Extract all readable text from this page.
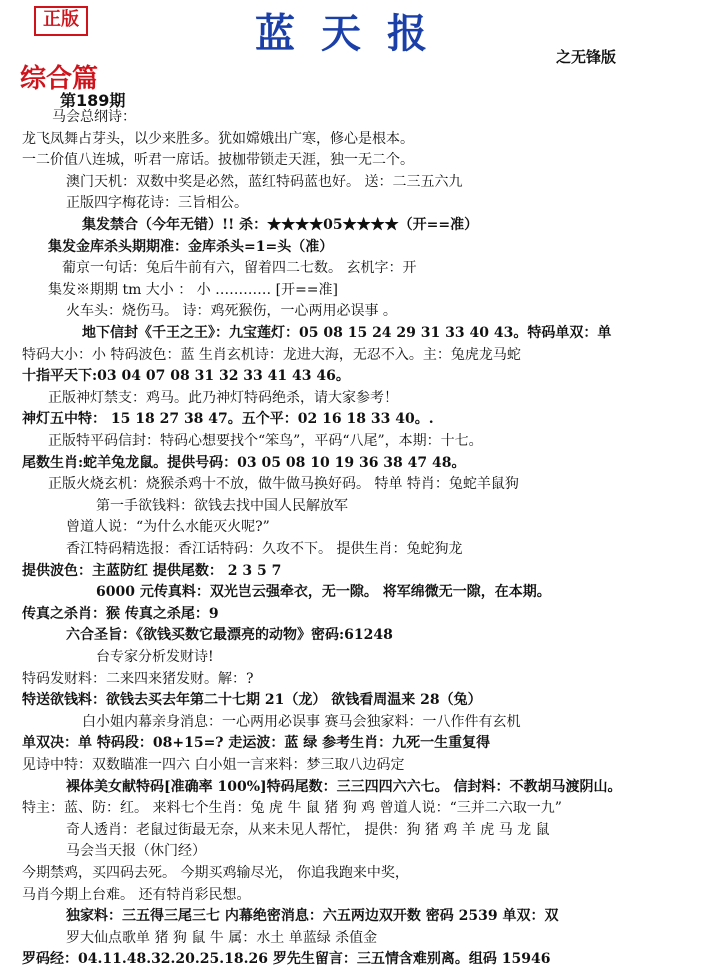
正版	蓝天报	之无锋版
综合篇
第189期
马会总纲诗：
龙飞凤舞占芽头，以少来胜多。犹如嫦娥出广寒，修心是根本。
一二价值八连城，听君一席话。披枷带锁走天涯，独一无二个。
澳门天机：双数中奖是必然，蓝红特码蓝也好。 送：二三五六九
正版四字梅花诗：三旨相公。
集发禁合（今年无错）!! 杀：★★★★05★★★★（开==准）
集发金库杀头期期准：金库杀头=1=头（准）
葡京一句话：兔后牛前有六，留着四二七数。 玄机字：开
集发※期期 tm 大小 ： 小 ………… [开==准]
火车头：烧伤马。 诗：鸡死猴伤，一心两用必误事 。
地下信封《千王之王》：九宝莲灯：05 08 15 24 29 31 33 40 43。特码单双：单
特码大小：小 特码波色：蓝 生肖玄机诗：龙进大海，无忍不入。主：兔虎龙马蛇
十指平天下:03 04 07 08 31 32 33 41 43 46。
正版神灯禁支：鸡马。此乃神灯特码绝杀，请大家参考！
神灯五中特： 15 18 27 38 47。五个平：02 16 18 33 40。.
正版特平码信封：特码心想要找个“笨鸟”，平码“八尾”，本期：十七。
尾数生肖:蛇羊兔龙鼠。提供号码：03 05 08 10 19 36 38 47 48。
正版火烧玄机：烧猴杀鸡十不放，做牛做马换好码。 特单 特肖：兔蛇羊鼠狗
第一手欲钱料：欲钱去找中国人民解放军
曾道人说：“为什么水能灭火呢?”
香江特码精选报：香江话特码：久攻不下。 提供生肖：兔蛇狗龙
提供波色：主蓝防红 提供尾数： 2 3 5 7
6000 元传真料：双光岂云强牵衣，无一隙。 将军绵微无一隙，在本期。
传真之杀肖：猴 传真之杀尾：9
六合圣旨：《欲钱买数它最漂亮的动物》密码:61248
台专家分析发财诗!
特码发财料：二来四来猪发财。解：?
特送欲钱料：欲钱去买去年第二十七期 21（龙） 欲钱看周温来 28（兔）
白小姐内幕亲身消息：一心两用必误事 赛马会独家料：一八作件有玄机
单双决：单 特码段：08+15=? 走运波：蓝 绿 参考生肖：九死一生重复得
见诗中特：双数瞄准一四六 白小姐一言来料：梦三取八边码定
裸体美女献特码[准确率 100%]特码尾数：三三四四六六七。 信封料：不教胡马渡阴山。
特主：蓝、防：红。 来料七个生肖：兔 虎 牛 鼠 猪 狗 鸡 曾道人说：“三并二六取一九”
奇人透肖：老鼠过街最无奈，从来未见人帮忙， 提供：狗 猪 鸡 羊 虎 马 龙 鼠
马会当天报（休门经）
今期禁鸡，买四码去死。 今期买鸡输尽光， 你追我跑来中奖，
马肖今期上台难。 还有特肖彩民想。
独家料：三五得三尾三七 内幕绝密消息：六五两边双开数 密码 2539 单双：双
罗大仙点歌单 猪 狗 鼠 牛 属：水土 单蓝绿 杀值金
罗码经：04.11.48.32.20.25.18.26 罗先生留言：三五情含难别离。组码 15946
